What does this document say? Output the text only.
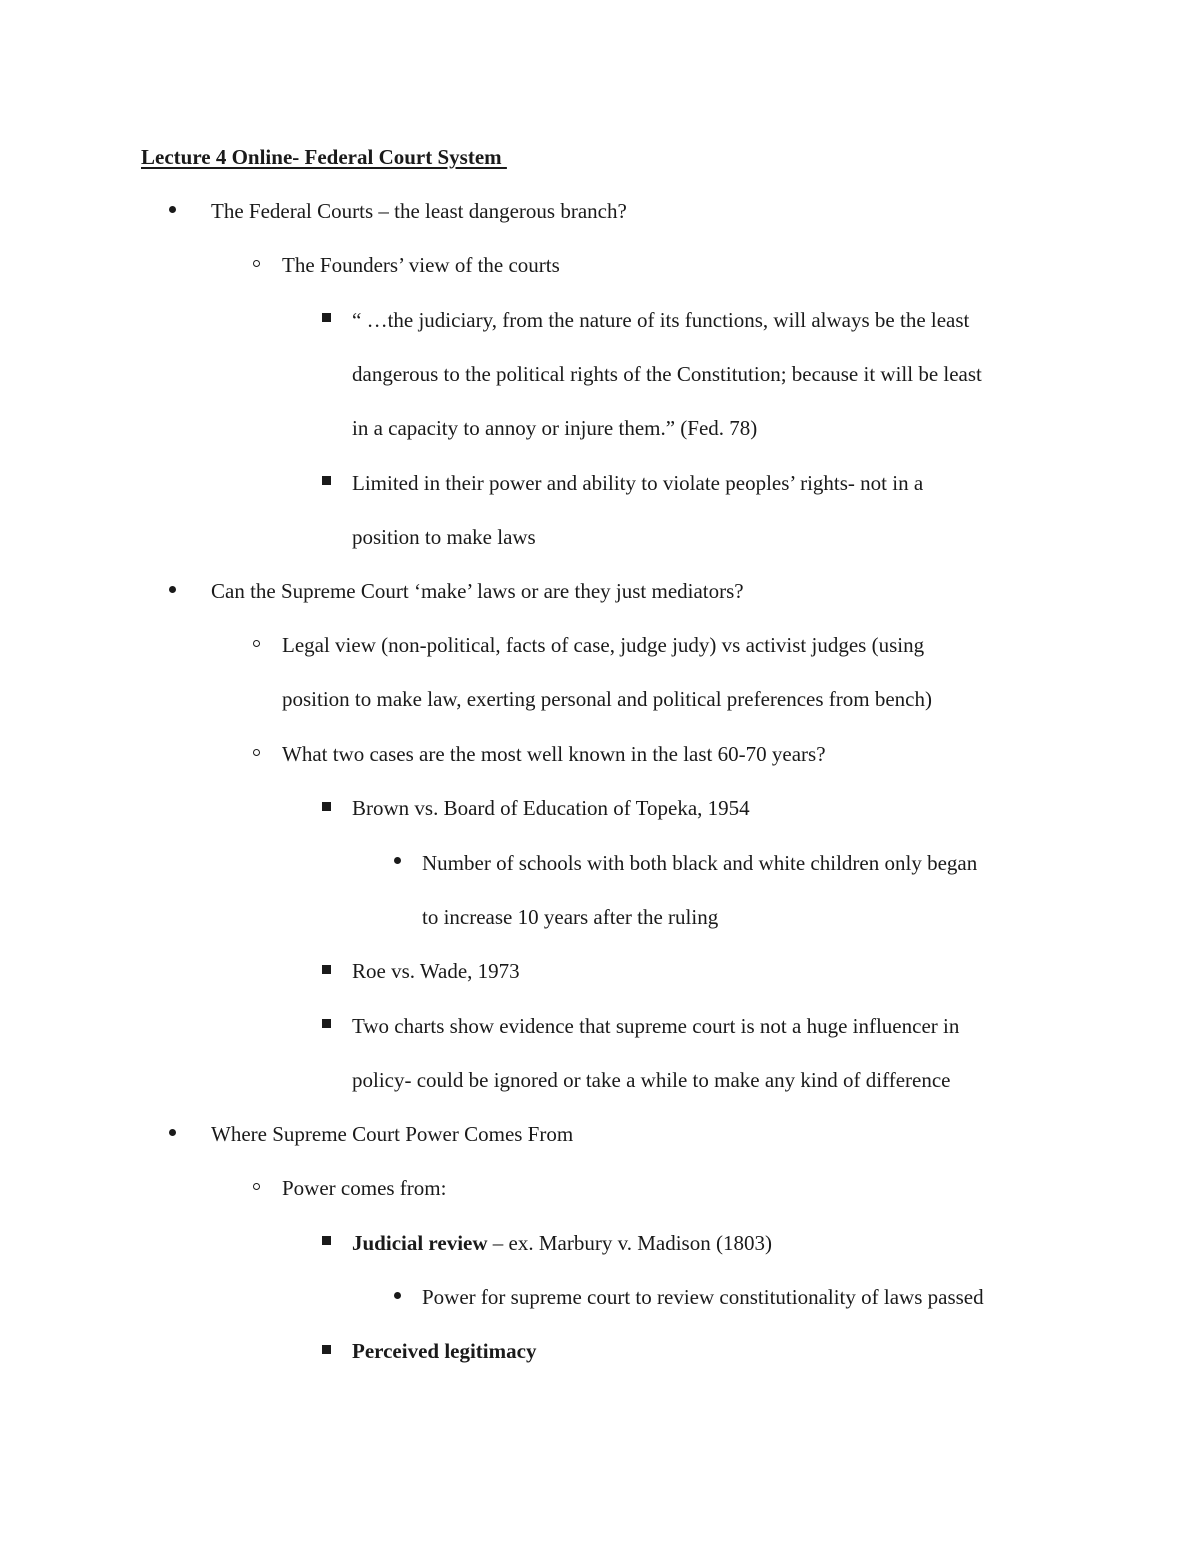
Lecture 4 Online- Federal Court System
The Federal Courts – the least dangerous branch?
The Founders’ view of the courts
“ …the judiciary, from the nature of its functions, will always be the least
dangerous to the political rights of the Constitution; because it will be least
in a capacity to annoy or injure them.” (Fed. 78)
Limited in their power and ability to violate peoples’ rights- not in a
position to make laws
Can the Supreme Court ‘make’ laws or are they just mediators?
Legal view (non-political, facts of case, judge judy) vs activist judges (using
position to make law, exerting personal and political preferences from bench)
What two cases are the most well known in the last 60-70 years?
Brown vs. Board of Education of Topeka, 1954
Number of schools with both black and white children only began
to increase 10 years after the ruling
Roe vs. Wade, 1973
Two charts show evidence that supreme court is not a huge influencer in
policy- could be ignored or take a while to make any kind of difference
Where Supreme Court Power Comes From
Power comes from:
Judicial review – ex. Marbury v. Madison (1803)
Power for supreme court to review constitutionality of laws passed
Perceived legitimacy
